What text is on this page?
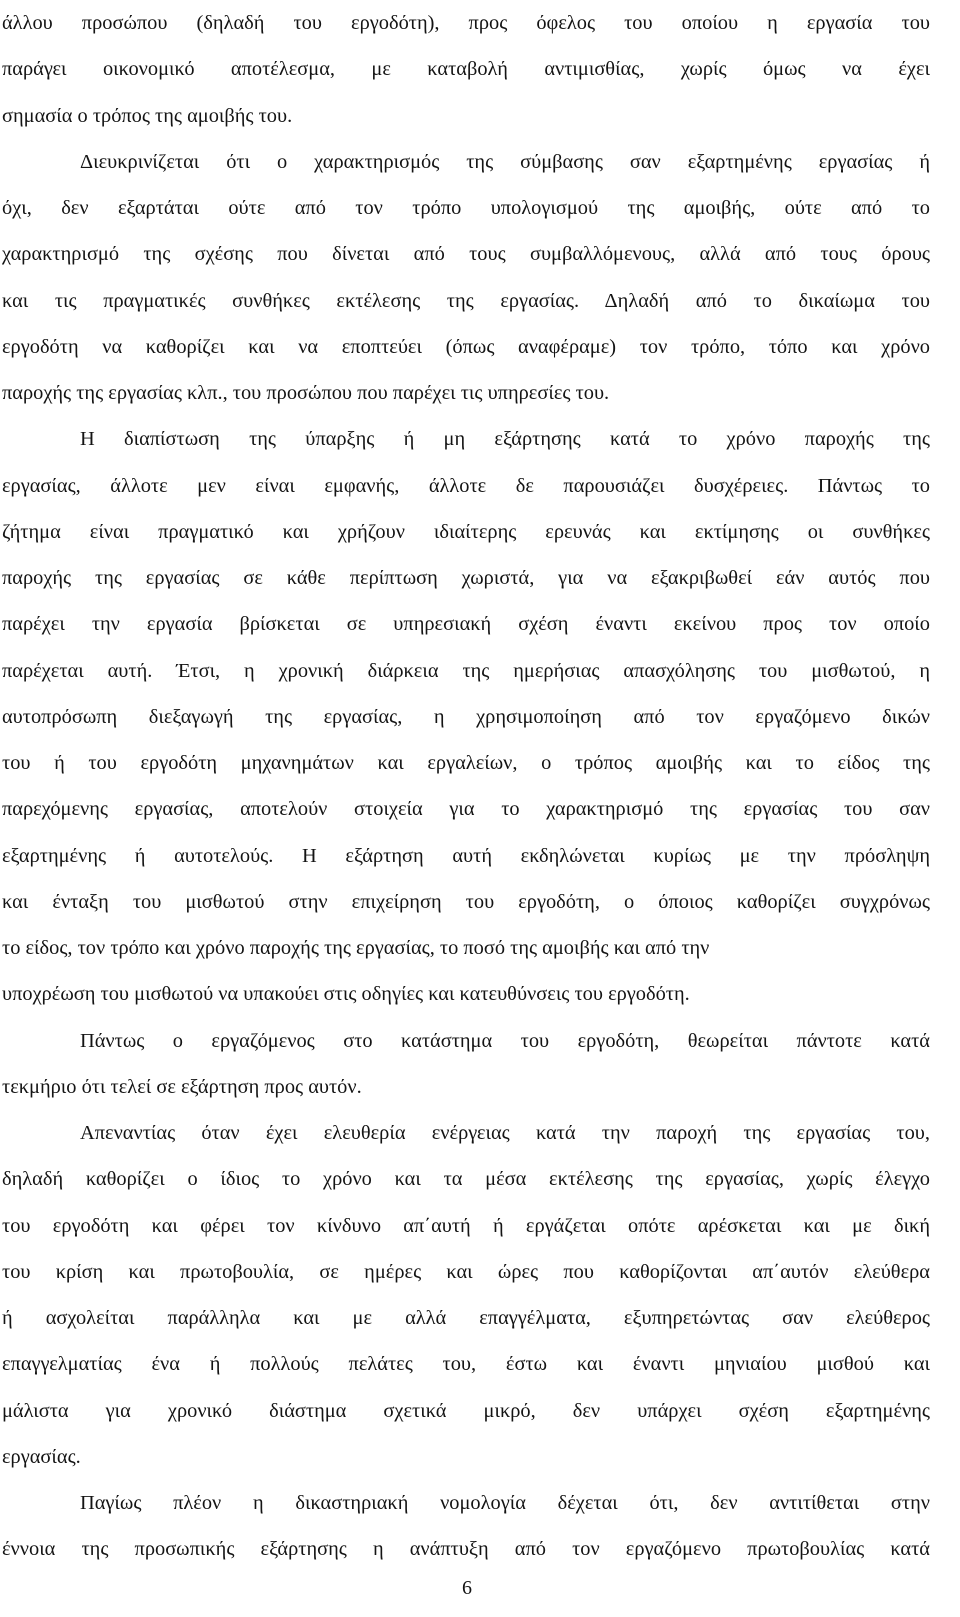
άλλου προσώπου (δηλαδή του εργοδότη), προς όφελος του οποίου η εργασία του
παράγει οικονομικό αποτέλεσμα, με καταβολή αντιμισθίας, χωρίς όμως να έχει
σημασία ο τρόπος της αμοιβής του.
Διευκρινίζεται ότι ο χαρακτηρισμός της σύμβασης σαν εξαρτημένης εργασίας ή
όχι, δεν εξαρτάται ούτε από τον τρόπο υπολογισμού της αμοιβής, ούτε από το
χαρακτηρισμό της σχέσης που δίνεται από τους συμβαλλόμενους, αλλά από τους όρους
και τις πραγματικές συνθήκες εκτέλεσης της εργασίας. Δηλαδή από το δικαίωμα του
εργοδότη να καθορίζει και να εποπτεύει (όπως αναφέραμε) τον τρόπο, τόπο και χρόνο
παροχής της εργασίας κλπ., του προσώπου που παρέχει τις υπηρεσίες του.
Η διαπίστωση της ύπαρξης ή μη εξάρτησης κατά το χρόνο παροχής της
εργασίας, άλλοτε μεν είναι εμφανής, άλλοτε δε παρουσιάζει δυσχέρειες. Πάντως το
ζήτημα είναι πραγματικό και χρήζουν ιδιαίτερης ερευνάς και εκτίμησης οι συνθήκες
παροχής της εργασίας σε κάθε περίπτωση χωριστά, για να εξακριβωθεί εάν αυτός που
παρέχει την εργασία βρίσκεται σε υπηρεσιακή σχέση έναντι εκείνου προς τον οποίο
παρέχεται αυτή. Έτσι, η χρονική διάρκεια της ημερήσιας απασχόλησης του μισθωτού, η
αυτοπρόσωπη διεξαγωγή της εργασίας, η χρησιμοποίηση από τον εργαζόμενο δικών
του ή του εργοδότη μηχανημάτων και εργαλείων, ο τρόπος αμοιβής και το είδος της
παρεχόμενης εργασίας, αποτελούν στοιχεία για το χαρακτηρισμό της εργασίας του σαν
εξαρτημένης ή αυτοτελούς. Η εξάρτηση αυτή εκδηλώνεται κυρίως με την πρόσληψη
και ένταξη του μισθωτού στην επιχείρηση του εργοδότη, ο όποιος καθορίζει συγχρόνως
το είδος, τον τρόπο και χρόνο παροχής της εργασίας, το ποσό της αμοιβής και από την
υποχρέωση του μισθωτού να υπακούει στις οδηγίες και κατευθύνσεις του εργοδότη.
Πάντως ο εργαζόμενος στο κατάστημα του εργοδότη, θεωρείται πάντοτε κατά
τεκμήριο ότι τελεί σε εξάρτηση προς αυτόν.
Απεναντίας όταν έχει ελευθερία ενέργειας κατά την παροχή της εργασίας του,
δηλαδή καθορίζει ο ίδιος το χρόνο και τα μέσα εκτέλεσης της εργασίας, χωρίς έλεγχο
του εργοδότη και φέρει τον κίνδυνο απ΄αυτή ή εργάζεται οπότε αρέσκεται και με δική
του κρίση και πρωτοβουλία, σε ημέρες και ώρες που καθορίζονται απ΄αυτόν ελεύθερα
ή ασχολείται παράλληλα και με αλλά επαγγέλματα, εξυπηρετώντας σαν ελεύθερος
επαγγελματίας ένα ή πολλούς πελάτες του, έστω και έναντι μηνιαίου μισθού και
μάλιστα για χρονικό διάστημα σχετικά μικρό, δεν υπάρχει σχέση εξαρτημένης
εργασίας.
Παγίως πλέον η δικαστηριακή νομολογία δέχεται ότι, δεν αντιτίθεται στην
έννοια της προσωπικής εξάρτησης η ανάπτυξη από τον εργαζόμενο πρωτοβουλίας κατά
6
